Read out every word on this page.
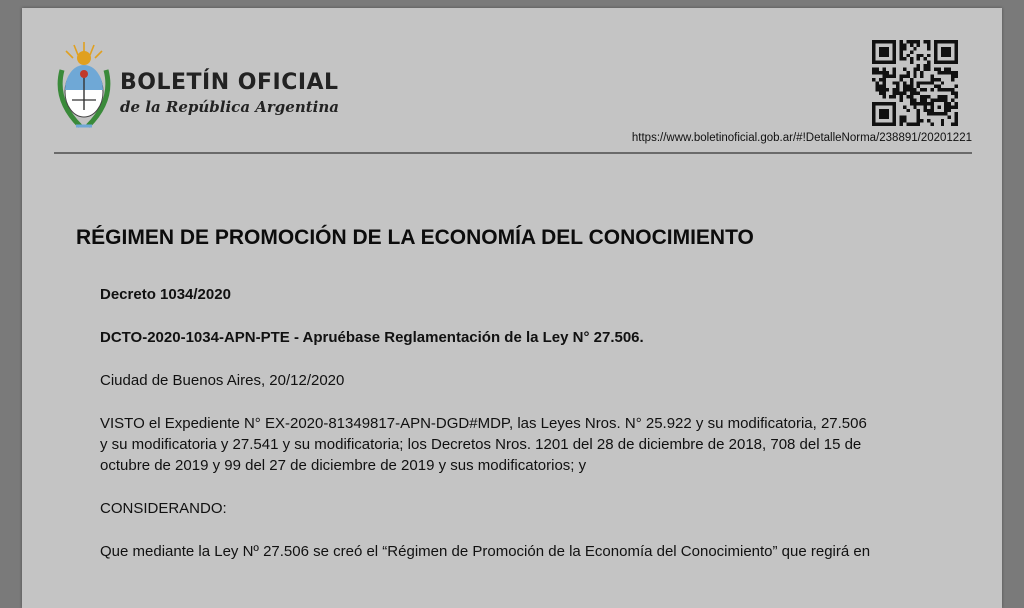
BOLETÍN OFICIAL
de la República Argentina
https://www.boletinoficial.gob.ar/#!DetalleNorma/238891/20201221
RÉGIMEN DE PROMOCIÓN DE LA ECONOMÍA DEL CONOCIMIENTO

Decreto 1034/2020

DCTO-2020-1034-APN-PTE - Apruébase Reglamentación de la Ley N° 27.506.

Ciudad de Buenos Aires, 20/12/2020

VISTO el Expediente N° EX-2020-81349817-APN-DGD#MDP, las Leyes Nros. N° 25.922 y su modificatoria, 27.506
y su modificatoria y 27.541 y su modificatoria; los Decretos Nros. 1201 del 28 de diciembre de 2018, 708 del 15 de
octubre de 2019 y 99 del 27 de diciembre de 2019 y sus modificatorios; y

CONSIDERANDO:

Que mediante la Ley Nº 27.506 se creó el “Régimen de Promoción de la Economía del Conocimiento” que regirá en
